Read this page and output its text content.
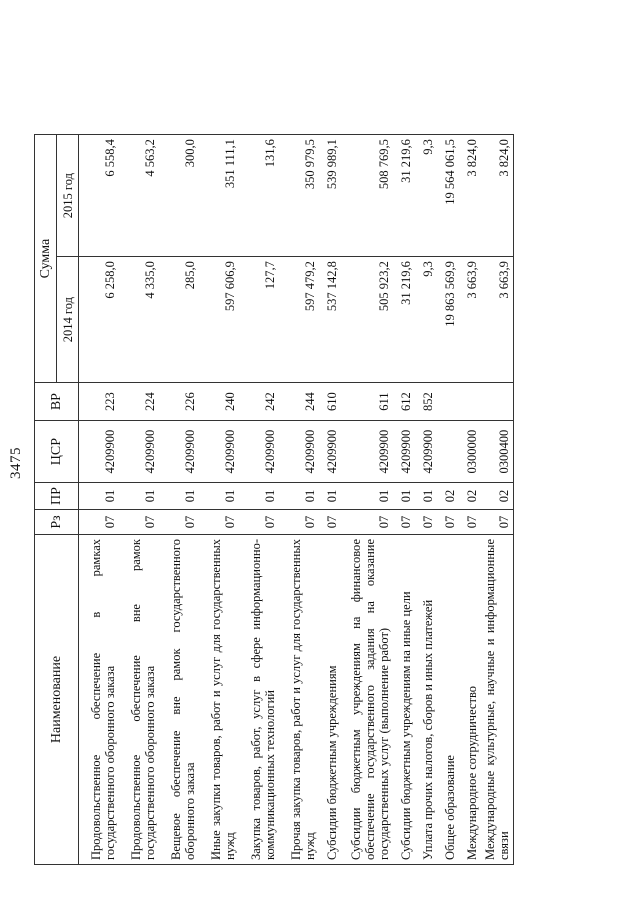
3475
Наименование	Рз	ПР	ЦСР	ВР	Сумма	
					2014 год	2015 год
Продовольственное обеспечение в рамках государственного оборонного заказа	07	01	4209900	223	6 258,0	6 558,4
Продовольственное обеспечение вне рамок государственного оборонного заказа	07	01	4209900	224	4 335,0	4 563,2
Вещевое обеспечение вне рамок государственного оборонного заказа	07	01	4209900	226	285,0	300,0
Иные закупки товаров, работ и услуг для государственных нужд	07	01	4209900	240	597 606,9	351 111,1
Закупка товаров, работ, услуг в сфере информационно-коммуникационных технологий	07	01	4209900	242	127,7	131,6
Прочая закупка товаров, работ и услуг для государственных нужд	07	01	4209900	244	597 479,2	350 979,5
Субсидии бюджетным учреждениям	07	01	4209900	610	537 142,8	539 989,1
Субсидии бюджетным учреждениям на финансовое обеспечение государственного задания на оказание государственных услуг (выполнение работ)	07	01	4209900	611	505 923,2	508 769,5
Субсидии бюджетным учреждениям на иные цели	07	01	4209900	612	31 219,6	31 219,6
Уплата прочих налогов, сборов и иных платежей	07	01	4209900	852	9,3	9,3
Общее образование	07	02			19 863 569,9	19 564 061,5
Международное сотрудничество	07	02	0300000		3 663,9	3 824,0
Международные культурные, научные и информационные связи	07	02	0300400		3 663,9	3 824,0
